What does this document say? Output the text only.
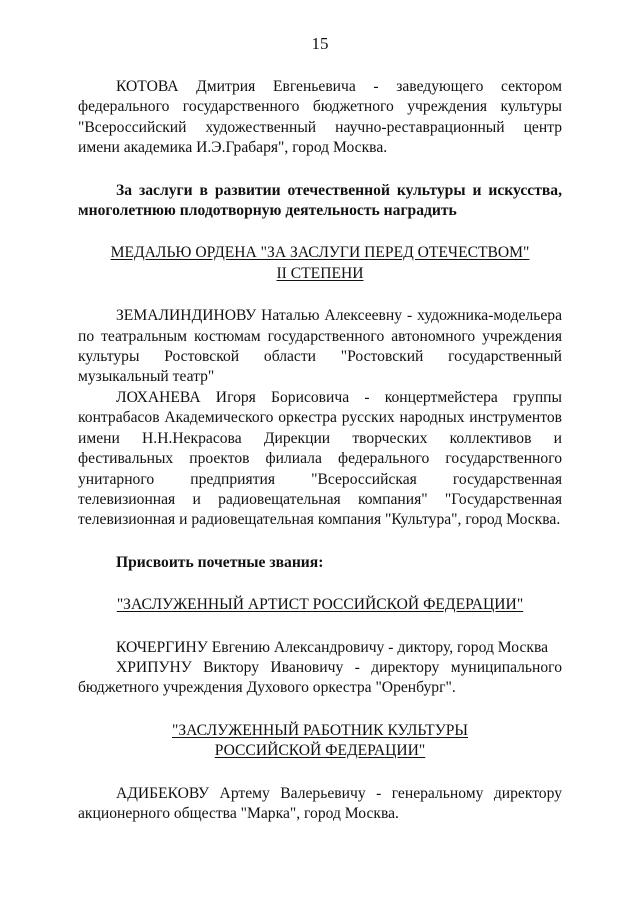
15

КОТОВА Дмитрия Евгеньевича - заведующего сектором федерального государственного бюджетного учреждения культуры "Всероссийский художественный научно-реставрационный центр имени академика И.Э.Грабаря", город Москва.

За заслуги в развитии отечественной культуры и искусства, многолетнюю плодотворную деятельность наградить

МЕДАЛЬЮ ОРДЕНА "ЗА ЗАСЛУГИ ПЕРЕД ОТЕЧЕСТВОМ"
II СТЕПЕНИ

ЗЕМАЛИНДИНОВУ Наталью Алексеевну - художника-модельера по театральным костюмам государственного автономного учреждения культуры Ростовской области "Ростовский государственный музыкальный театр"

ЛОХАНЕВА Игоря Борисовича - концертмейстера группы контрабасов Академического оркестра русских народных инструментов имени Н.Н.Некрасова Дирекции творческих коллективов и фестивальных проектов филиала федерального государственного унитарного предприятия "Всероссийская государственная телевизионная и радиовещательная компания" "Государственная телевизионная и радиовещательная компания "Культура", город Москва.

Присвоить почетные звания:

"ЗАСЛУЖЕННЫЙ АРТИСТ РОССИЙСКОЙ ФЕДЕРАЦИИ"

КОЧЕРГИНУ Евгению Александровичу - диктору, город Москва

ХРИПУНУ Виктору Ивановичу - директору муниципального бюджетного учреждения Духового оркестра "Оренбург".

"ЗАСЛУЖЕННЫЙ РАБОТНИК КУЛЬТУРЫ
РОССИЙСКОЙ ФЕДЕРАЦИИ"

АДИБЕКОВУ Артему Валерьевичу - генеральному директору акционерного общества "Марка", город Москва.
